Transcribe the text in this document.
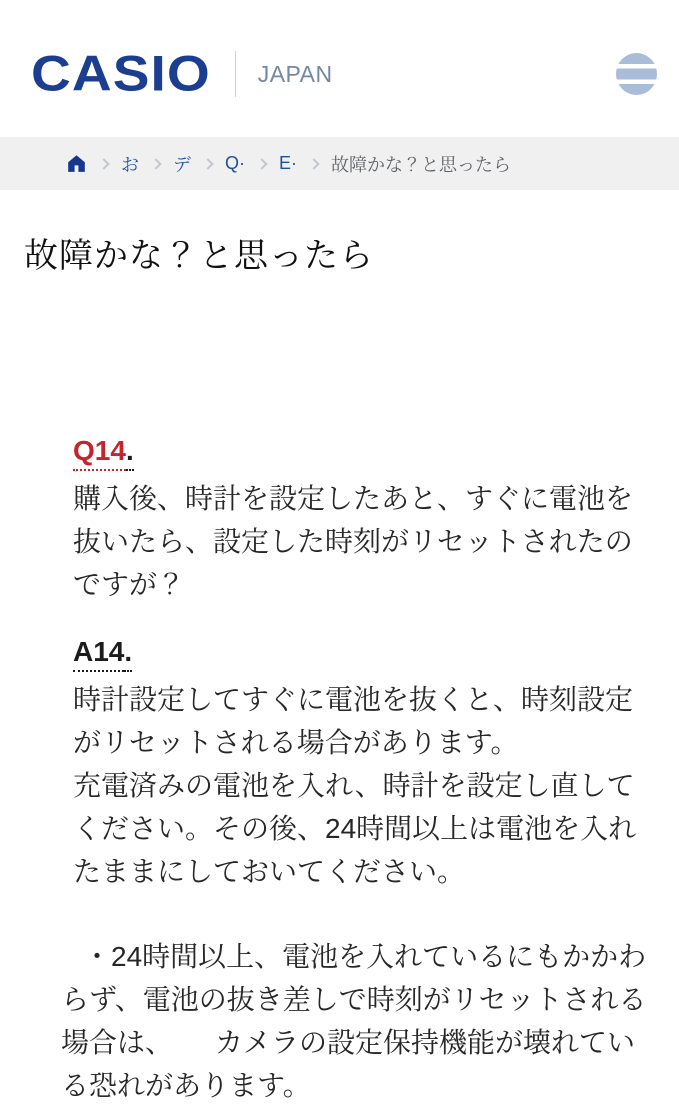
CASIO JAPAN
お デ Q· E· 故障かな？と思ったら
故障かな？と思ったら
Q14.
購入後、時計を設定したあと、すぐに電池を
抜いたら、設定した時刻がリセットされたの
ですが？
A14.
時計設定してすぐに電池を抜くと、時刻設定
がリセットされる場合があります。
充電済みの電池を入れ、時計を設定し直して
ください。その後、24時間以上は電池を入れ
たままにしておいてください。
・24時間以上、電池を入れているにもかかわ
らず、電池の抜き差しで時刻がリセットされる
場合は、　　カメラの設定保持機能が壊れてい
る恐れがあります。
